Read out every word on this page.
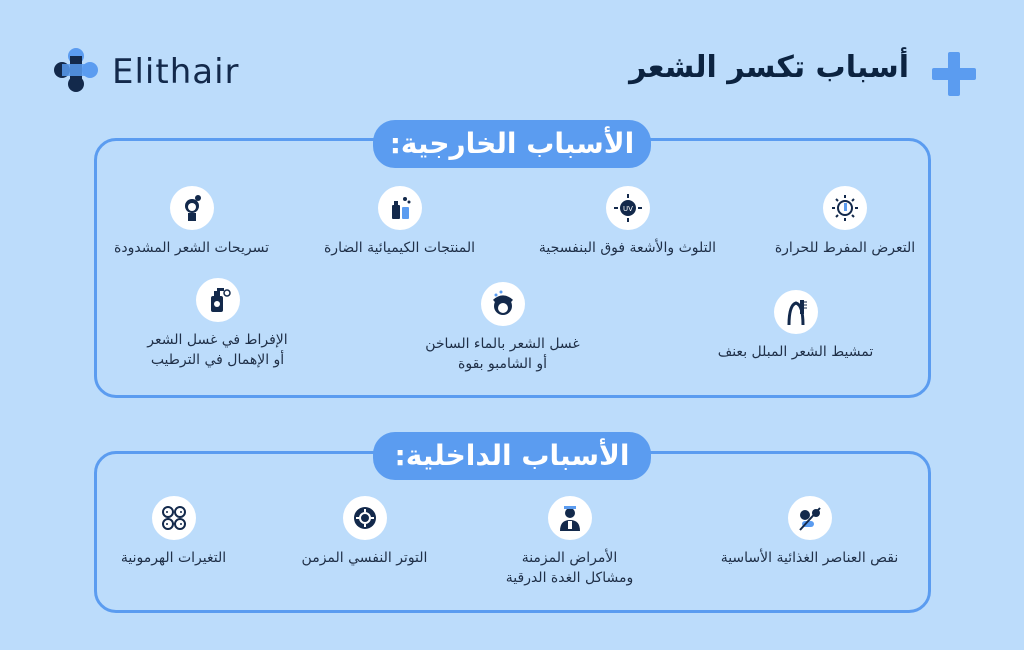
Elithair	أسباب تكسر الشعر
الأسباب الخارجية:
التعرض المفرط للحرارة
UV
التلوث والأشعة فوق البنفسجية
المنتجات الكيميائية الضارة
تسريحات الشعر المشدودة
تمشيط الشعر المبلل بعنف
غسل الشعر بالماء الساخن
أو الشامبو بقوة
الإفراط في غسل الشعر
أو الإهمال في الترطيب
الأسباب الداخلية:
نقص العناصر الغذائية الأساسية
الأمراض المزمنة
ومشاكل الغدة الدرقية
التوتر النفسي المزمن
التغيرات الهرمونية
